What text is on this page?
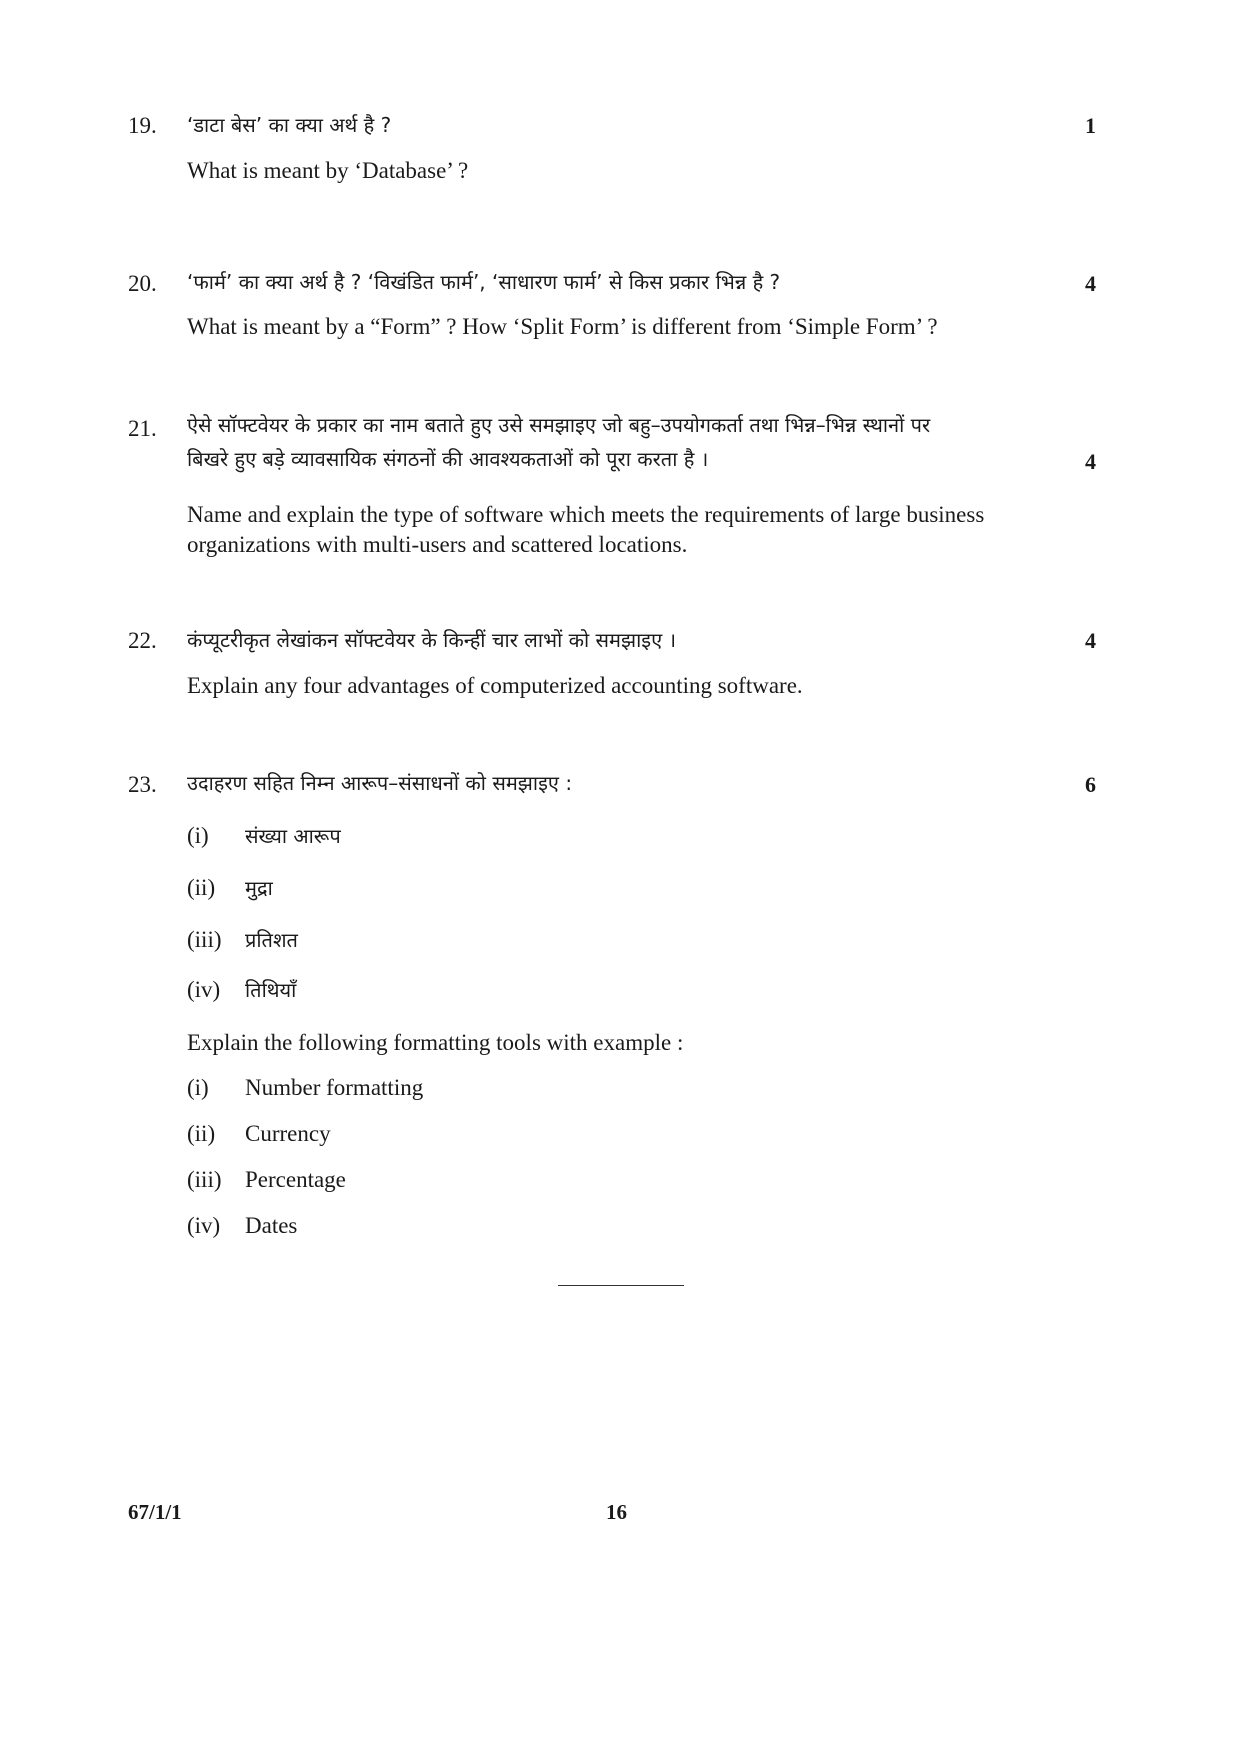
19. ‘डाटा बेस’ का क्या अर्थ है ?	1
What is meant by ‘Database’ ?
20. ‘फार्म’ का क्या अर्थ है ? ‘विखंडित फार्म’, ‘साधारण फार्म’ से किस प्रकार भिन्न है ?	4
What is meant by a “Form” ? How ‘Split Form’ is different from ‘Simple Form’ ?
21. ऐसे सॉफ्टवेयर के प्रकार का नाम बताते हुए उसे समझाइए जो बहु–उपयोगकर्ता तथा भिन्न–भिन्न स्थानों पर
बिखरे हुए बड़े व्यावसायिक संगठनों की आवश्यकताओं को पूरा करता है ।	4
Name and explain the type of software which meets the requirements of large business
organizations with multi-users and scattered locations.
22. कंप्यूटरीकृत लेखांकन सॉफ्टवेयर के किन्हीं चार लाभों को समझाइए ।	4
Explain any four advantages of computerized accounting software.
23. उदाहरण सहित निम्न आरूप–संसाधनों को समझाइए :	6
(i) संख्या आरूप
(ii) मुद्रा
(iii) प्रतिशत
(iv) तिथियाँ
Explain the following formatting tools with example :
(i) Number formatting
(ii) Currency
(iii) Percentage
(iv) Dates
67/1/1	16
